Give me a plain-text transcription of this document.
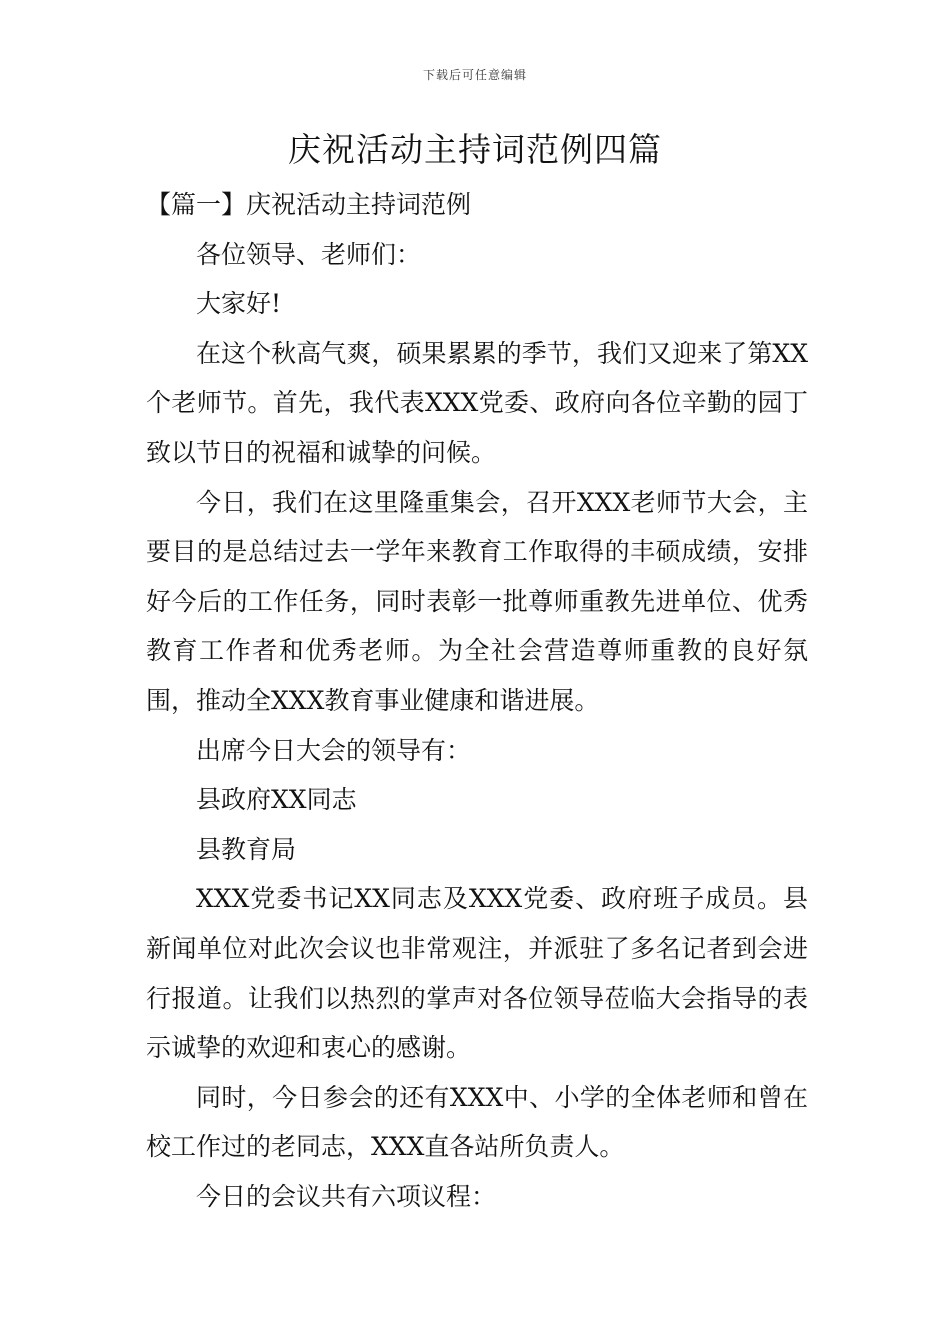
下载后可任意编辑
庆祝活动主持词范例四篇

【篇一】庆祝活动主持词范例

各位领导、老师们：

大家好!

在这个秋高气爽，硕果累累的季节，我们又迎来了第XX个老师节。首先，我代表XXX党委、政府向各位辛勤的园丁致以节日的祝福和诚挚的问候。

今日，我们在这里隆重集会，召开XXX老师节大会，主要目的是总结过去一学年来教育工作取得的丰硕成绩，安排好今后的工作任务，同时表彰一批尊师重教先进单位、优秀教育工作者和优秀老师。为全社会营造尊师重教的良好氛围，推动全XXX教育事业健康和谐进展。

出席今日大会的领导有：

县政府XX同志

县教育局

XXX党委书记XX同志及XXX党委、政府班子成员。县新闻单位对此次会议也非常观注，并派驻了多名记者到会进行报道。让我们以热烈的掌声对各位领导莅临大会指导的表示诚挚的欢迎和衷心的感谢。

同时，今日参会的还有XXX中、小学的全体老师和曾在校工作过的老同志，XXX直各站所负责人。

今日的会议共有六项议程：
